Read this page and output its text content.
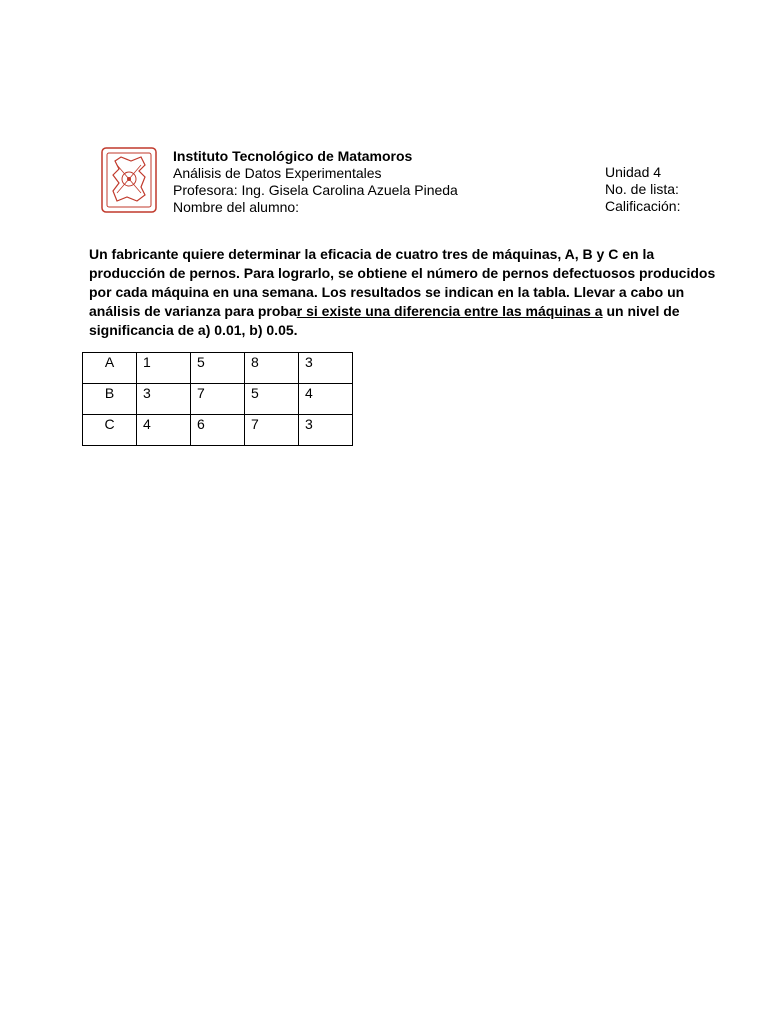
Instituto Tecnológico de Matamoros
Análisis de Datos Experimentales
Profesora: Ing. Gisela Carolina Azuela Pineda
Nombre del alumno:
Unidad 4
No. de lista:
Calificación:
Un fabricante quiere determinar la eficacia de cuatro tres de máquinas, A, B y C en la producción de pernos. Para lograrlo, se obtiene el número de pernos defectuosos producidos por cada máquina en una semana. Los resultados se indican en la tabla. Llevar a cabo un análisis de varianza para probar si existe una diferencia entre las máquinas a un nivel de significancia de a) 0.01, b) 0.05.
A	1	5	8	3
B	3	7	5	4
C	4	6	7	3
